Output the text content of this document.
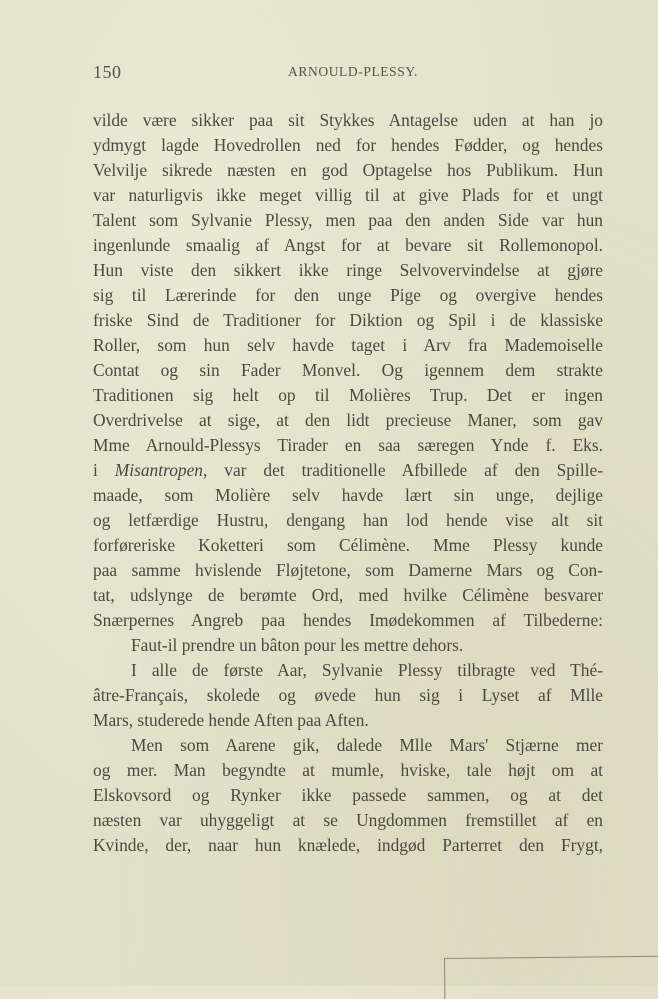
150	ARNOULD-PLESSY.
vilde være sikker paa sit Stykkes Antagelse uden at han jo
ydmygt lagde Hovedrollen ned for hendes Fødder, og hendes
Velvilje sikrede næsten en god Optagelse hos Publikum. Hun
var naturligvis ikke meget villig til at give Plads for et ungt
Talent som Sylvanie Plessy, men paa den anden Side var hun
ingenlunde smaalig af Angst for at bevare sit Rollemonopol.
Hun viste den sikkert ikke ringe Selvovervindelse at gjøre
sig til Lærerinde for den unge Pige og overgive hendes
friske Sind de Traditioner for Diktion og Spil i de klassiske
Roller, som hun selv havde taget i Arv fra Mademoiselle
Contat og sin Fader Monvel. Og igennem dem strakte
Traditionen sig helt op til Molières Trup. Det er ingen
Overdrivelse at sige, at den lidt precieuse Maner, som gav
Mme Arnould-Plessys Tirader en saa særegen Ynde f. Eks.
i Misantropen, var det traditionelle Afbillede af den Spille-
maade, som Molière selv havde lært sin unge, dejlige
og letfærdige Hustru, dengang han lod hende vise alt sit
forføreriske Koketteri som Célimène. Mme Plessy kunde
paa samme hvislende Fløjtetone, som Damerne Mars og Con-
tat, udslynge de berømte Ord, med hvilke Célimène besvarer
Snærpernes Angreb paa hendes Imødekommen af Tilbederne:
Faut-il prendre un bâton pour les mettre dehors.
I alle de første Aar, Sylvanie Plessy tilbragte ved Thé-
âtre-Français, skolede og øvede hun sig i Lyset af Mlle
Mars, studerede hende Aften paa Aften.
Men som Aarene gik, dalede Mlle Mars' Stjærne mer
og mer. Man begyndte at mumle, hviske, tale højt om at
Elskovsord og Rynker ikke passede sammen, og at det
næsten var uhyggeligt at se Ungdommen fremstillet af en
Kvinde, der, naar hun knælede, indgød Parterret den Frygt,
